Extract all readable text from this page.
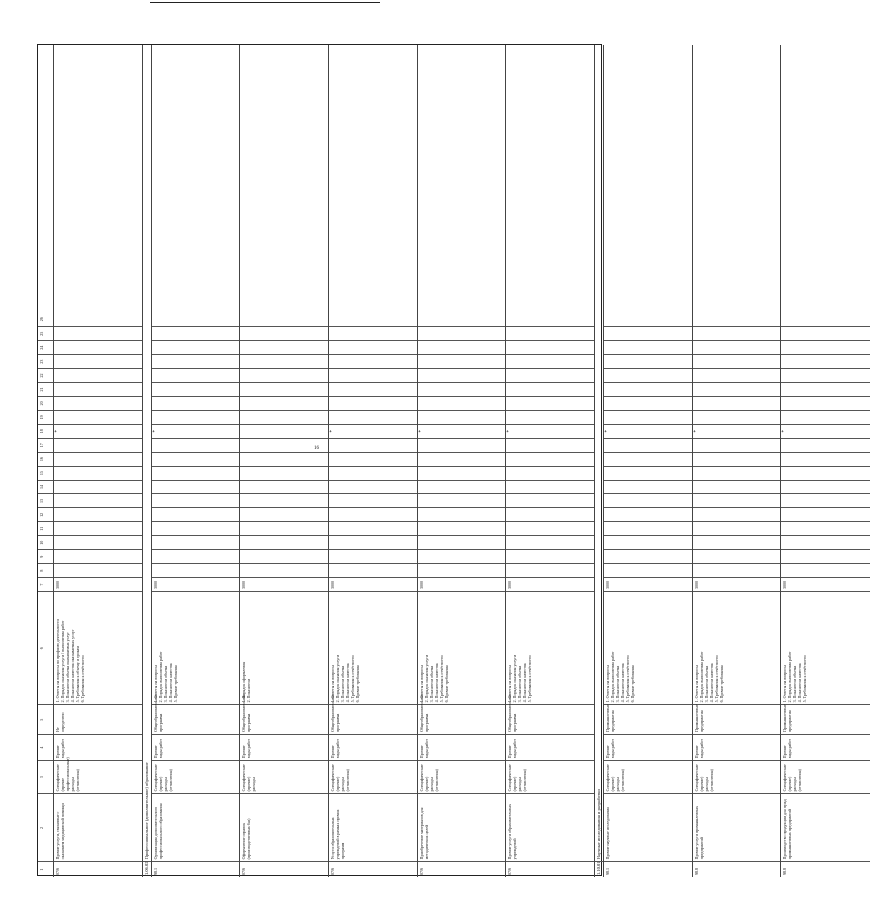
16
1
2
3
4
5
6
7
8
9
10
11
12
13
14
15
16
17
18
19
20
21
22
23
24
25
26
07/6
Прочие услуги, связанные с оказанием медицинской помощи
Специфические (прочие профессиональные) расходы (отчисления)
Прочие виды работ
Не определено
1. Ответы на вопросы по профилю деятельности 2. Порядок оказания услуги / выполнения работ 3. Показатели объема оказываемых услуг 4. Показатели качества оказываемых услуг 5. Требования к объему и срокам 6. Требования к отчётности
3000
*
1.06.02
Профессиональное (дополнительное) образование
98.1
Организация дополнительного профессионального образования
Специфические (прочие) расходы (отчисления)
Прочие виды работ
Общеобразовательная программа
1. Ответы на вопросы 2. Порядок выполнения работ 3. Показатели объема 4. Показатели качества 5. Прочие требования
3000
*
07/6
Оформление справок (производственных баз)
Специфические (прочие) расходы
Прочие виды работ
Общеобразовательная программа
1. Порядок оформления 2. Показатели
3000
07/6
Услуги образовательных учреждений в рамках прочих программ
Специфические (прочие) расходы (отчисления)
Прочие виды работ
Общеобразовательная программа
1. Ответы на вопросы 2. Порядок оказания услуги 3. Показатели объема 4. Показатели качества 5. Требования к отчётности 6. Прочие требования
3000
*
07/6
Приобретение материалов для методических целей
Специфические (прочие) расходы (отчисления)
Прочие виды работ
Общеобразовательная программа
1. Ответы на вопросы 2. Порядок оказания услуги 3. Показатели объема 4. Показатели качества 5. Требования к отчётности 6. Прочие требования
3000
*
07/6
Прочие услуги образовательных учреждений
Специфические (прочие) расходы (отчисления)
Прочие виды работ
Общеобразовательная программа
1. Ответы на вопросы 2. Порядок оказания услуги 3. Показатели объема 4. Показатели качества 5. Требования к отчётности
3000
*
1.10.01
Научные исследования и разработки
98.1
Прочие научные исследования
Специфические (прочие) расходы (отчисления)
Прочие виды работ
Промышленные предприятия
1. Ответы на вопросы 2. Порядок выполнения работ 3. Показатели объема 4. Показатели качества 5. Требования к отчётности 6. Прочие требования
3000
*
98.8
Прочие услуги промышленных предприятий
Специфические (прочие) расходы (отчисления)
Прочие виды работ
Промышленные предприятия
1. Ответы на вопросы 2. Порядок выполнения работ 3. Показатели объема 4. Показатели качества 5. Требования к отчётности 6. Прочие требования
3000
*
98.8
Производство продукции для нужд промышленных предприятий
Специфические (прочие) расходы (отчисления)
Прочие виды работ
Промышленные предприятия
1. Ответы на вопросы 2. Порядок выполнения работ 3. Показатели объема 4. Показатели качества 5. Требования к отчётности
3000
*
